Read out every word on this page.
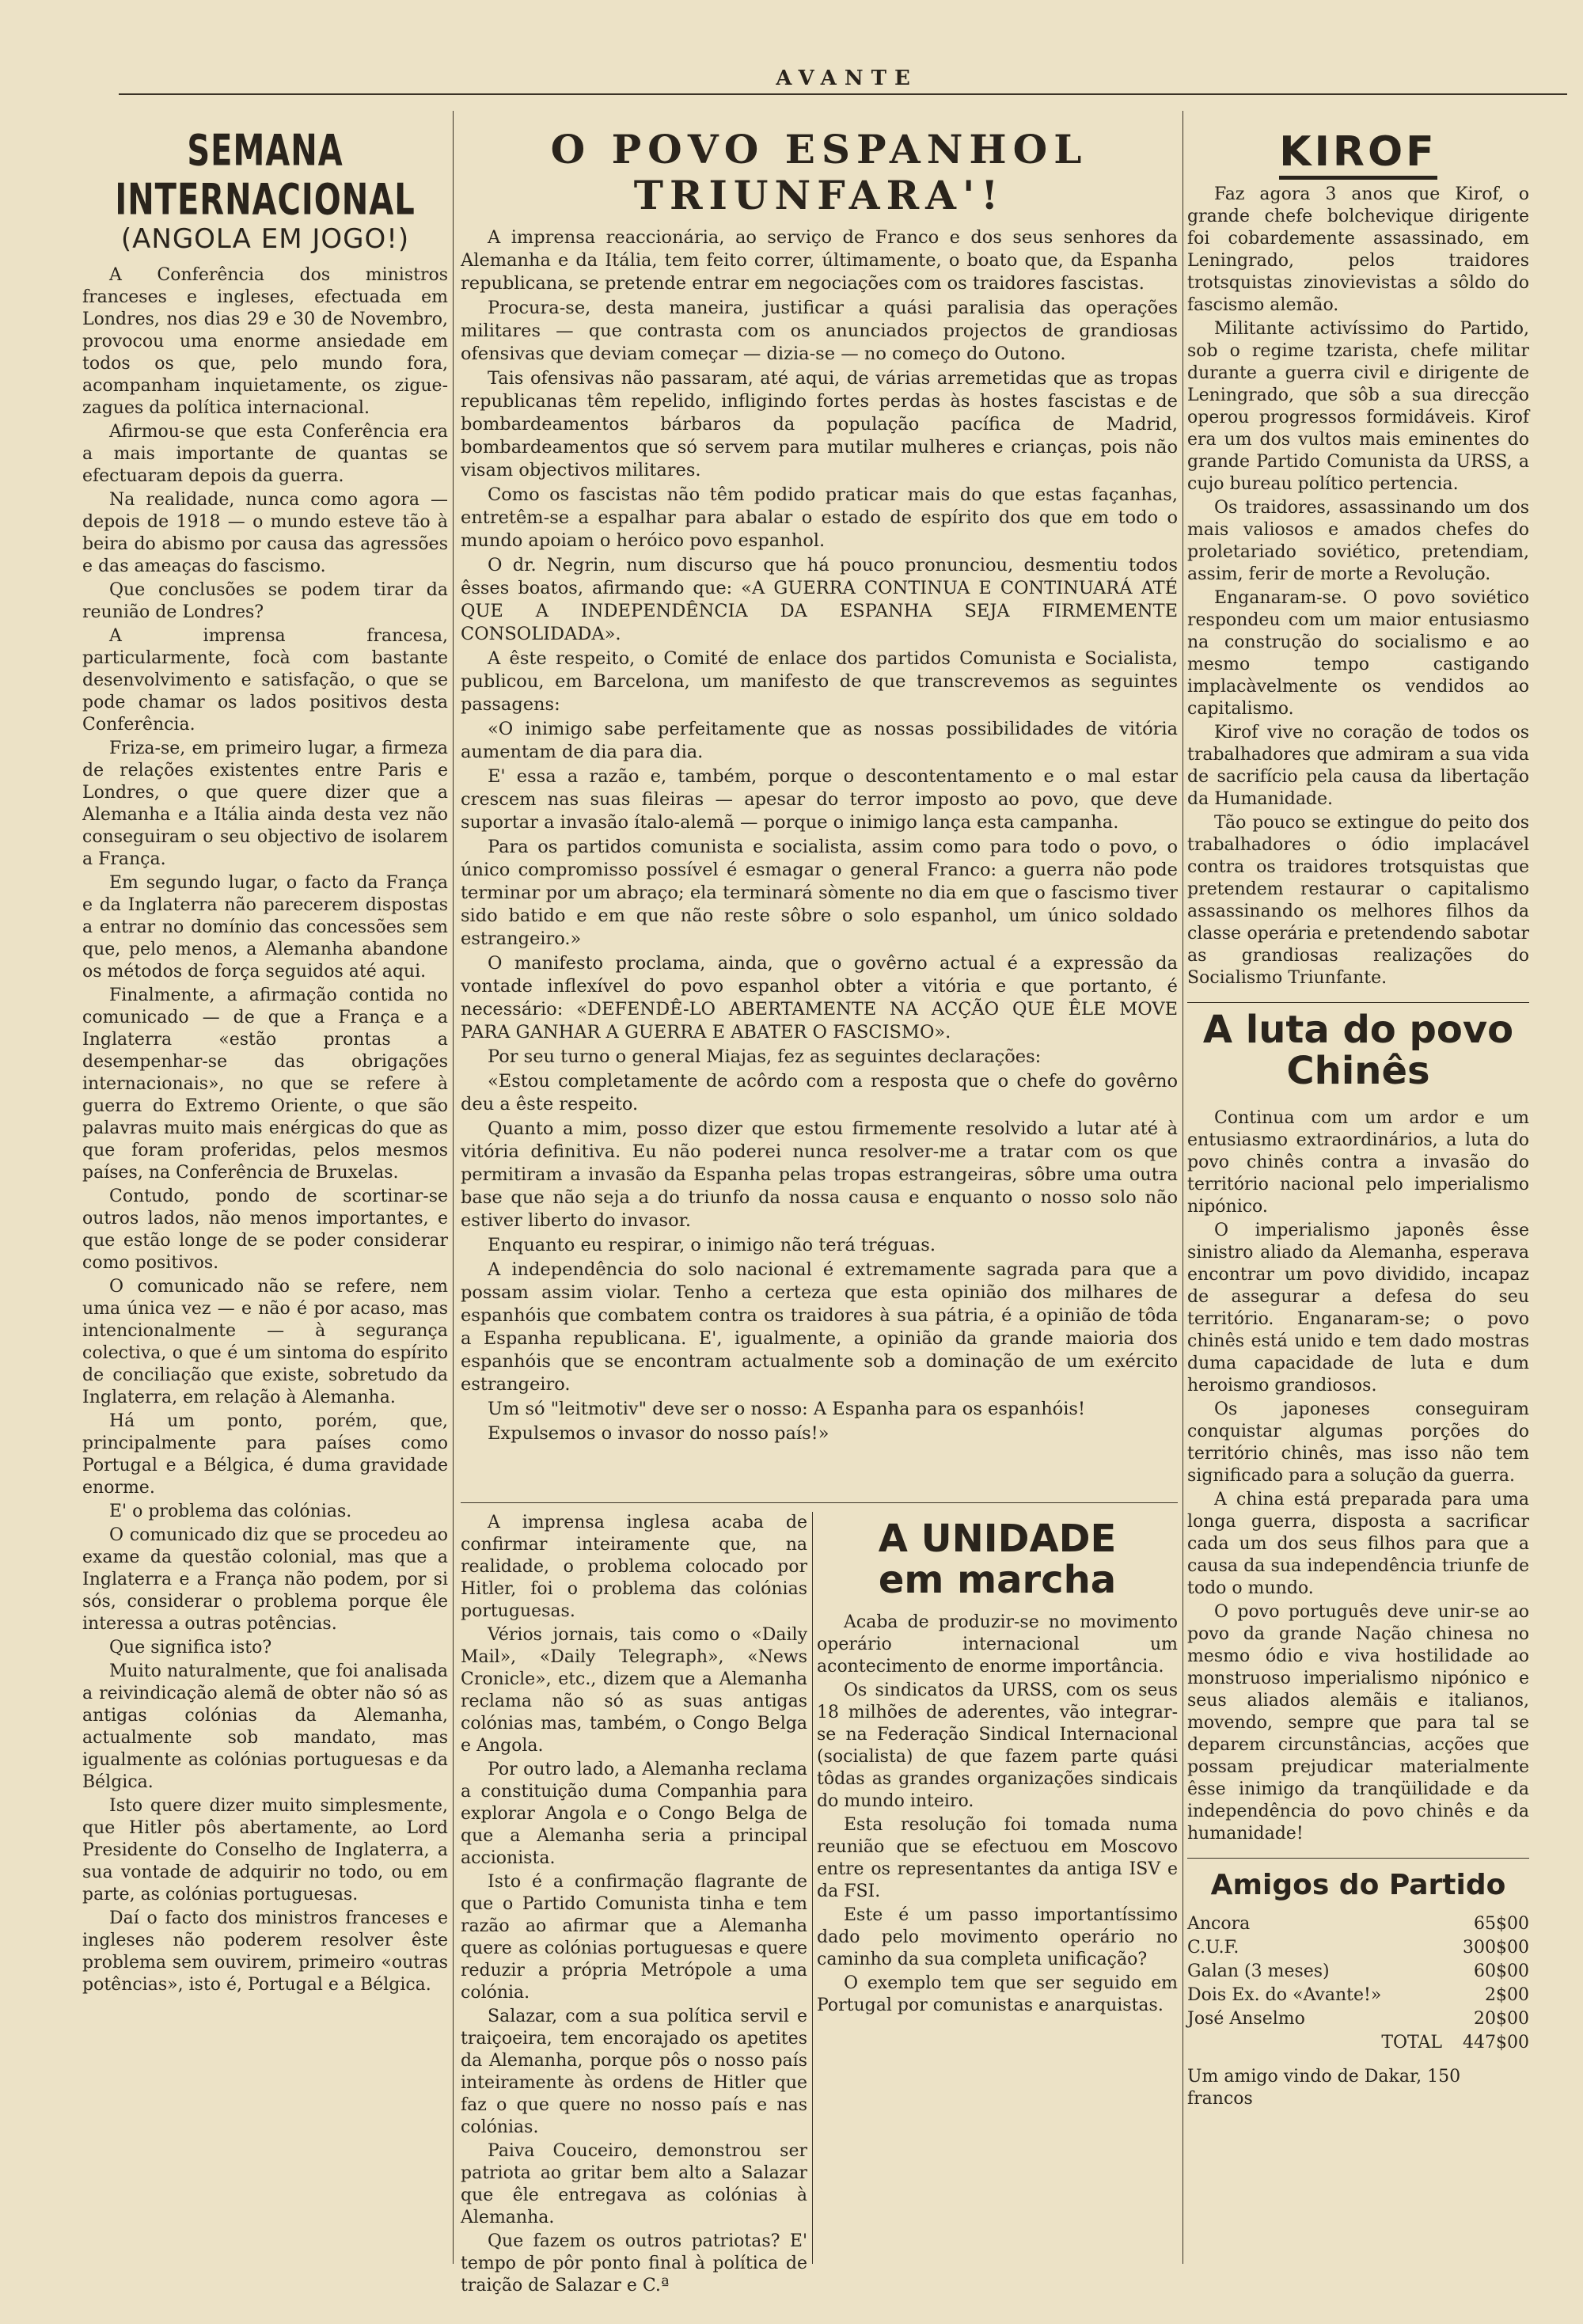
AVANTE
SEMANA INTERNACIONAL
(ANGOLA EM JOGO!)

A Conferência dos ministros franceses e ingleses, efectuada em Londres, nos dias 29 e 30 de Novembro, provocou uma enorme ansiedade em todos os que, pelo mundo fora, acompanham inquietamente, os zigue-zagues da política internacional.

Afirmou-se que esta Conferência era a mais importante de quantas se efectuaram depois da guerra.

Na realidade, nunca como agora — depois de 1918 — o mundo esteve tão à beira do abismo por causa das agressões e das ameaças do fascismo.

Que conclusões se podem tirar da reunião de Londres?

A imprensa francesa, particularmente, focà com bastante desenvolvimento e satisfação, o que se pode chamar os lados positivos desta Conferência.

Friza-se, em primeiro lugar, a firmeza de relações existentes entre Paris e Londres, o que quere dizer que a Alemanha e a Itália ainda desta vez não conseguiram o seu objectivo de isolarem a França.

Em segundo lugar, o facto da França e da Inglaterra não parecerem dispostas a entrar no domínio das concessões sem que, pelo menos, a Alemanha abandone os métodos de força seguidos até aqui.

Finalmente, a afirmação contida no comunicado — de que a França e a Inglaterra «estão prontas a desempenhar-se das obrigações internacionais», no que se refere à guerra do Extremo Oriente, o que são palavras muito mais enérgicas do que as que foram proferidas, pelos mesmos países, na Conferência de Bruxelas.

Contudo, pondo de scortinar-se outros lados, não menos importantes, e que estão longe de se poder considerar como positivos.

O comunicado não se refere, nem uma única vez — e não é por acaso, mas intencionalmente — à segurança colectiva, o que é um sintoma do espírito de conciliação que existe, sobretudo da Inglaterra, em relação à Alemanha.

Há um ponto, porém, que, principalmente para países como Portugal e a Bélgica, é duma gravidade enorme.

E' o problema das colónias.

O comunicado diz que se procedeu ao exame da questão colonial, mas que a Inglaterra e a França não podem, por si sós, considerar o problema porque êle interessa a outras potências.

Que significa isto?

Muito naturalmente, que foi analisada a reivindicação alemã de obter não só as antigas colónias da Alemanha, actualmente sob mandato, mas igualmente as colónias portuguesas e da Bélgica.

Isto quere dizer muito simplesmente, que Hitler pôs abertamente, ao Lord Presidente do Conselho de Inglaterra, a sua vontade de adquirir no todo, ou em parte, as colónias portuguesas.

Daí o facto dos ministros franceses e ingleses não poderem resolver êste problema sem ouvirem, primeiro «outras potências», isto é, Portugal e a Bélgica.

O POVO ESPANHOL
TRIUNFARA'!

A imprensa reaccionária, ao serviço de Franco e dos seus senhores da Alemanha e da Itália, tem feito correr, últimamente, o boato que, da Espanha republicana, se pretende entrar em negociações com os traidores fascistas.

Procura-se, desta maneira, justificar a quási paralisia das operações militares — que contrasta com os anunciados projectos de grandiosas ofensivas que deviam começar — dizia-se — no começo do Outono.

Tais ofensivas não passaram, até aqui, de várias arremetidas que as tropas republicanas têm repelido, infligindo fortes perdas às hostes fascistas e de bombardeamentos bárbaros da população pacífica de Madrid, bombardeamentos que só servem para mutilar mulheres e crianças, pois não visam objectivos militares.

Como os fascistas não têm podido praticar mais do que estas façanhas, entretêm-se a espalhar para abalar o estado de espírito dos que em todo o mundo apoiam o heróico povo espanhol.

O dr. Negrin, num discurso que há pouco pronunciou, desmentiu todos êsses boatos, afirmando que: «A GUERRA CONTINUA E CONTINUARÁ ATÉ QUE A INDEPENDÊNCIA DA ESPANHA SEJA FIRMEMENTE CONSOLIDADA».

A êste respeito, o Comité de enlace dos partidos Comunista e Socialista, publicou, em Barcelona, um manifesto de que transcrevemos as seguintes passagens:

«O inimigo sabe perfeitamente que as nossas possibilidades de vitória aumentam de dia para dia.

E' essa a razão e, também, porque o descontentamento e o mal estar crescem nas suas fileiras — apesar do terror imposto ao povo, que deve suportar a invasão ítalo-alemã — porque o inimigo lança esta campanha.

Para os partidos comunista e socialista, assim como para todo o povo, o único compromisso possível é esmagar o general Franco: a guerra não pode terminar por um abraço; ela terminará sòmente no dia em que o fascismo tiver sido batido e em que não reste sôbre o solo espanhol, um único soldado estrangeiro.»

O manifesto proclama, ainda, que o govêrno actual é a expressão da vontade inflexível do povo espanhol obter a vitória e que portanto, é necessário: «DEFENDÊ-LO ABERTAMENTE NA ACÇÃO QUE ÊLE MOVE PARA GANHAR A GUERRA E ABATER O FASCISMO».

Por seu turno o general Miajas, fez as seguintes declarações:

«Estou completamente de acôrdo com a resposta que o chefe do govêrno deu a êste respeito.

Quanto a mim, posso dizer que estou firmemente resolvido a lutar até à vitória definitiva. Eu não poderei nunca resolver-me a tratar com os que permitiram a invasão da Espanha pelas tropas estrangeiras, sôbre uma outra base que não seja a do triunfo da nossa causa e enquanto o nosso solo não estiver liberto do invasor.

Enquanto eu respirar, o inimigo não terá tréguas.

A independência do solo nacional é extremamente sagrada para que a possam assim violar. Tenho a certeza que esta opinião dos milhares de espanhóis que combatem contra os traidores à sua pátria, é a opinião de tôda a Espanha republicana. E', igualmente, a opinião da grande maioria dos espanhóis que se encontram actualmente sob a dominação de um exército estrangeiro.

Um só "leitmotiv" deve ser o nosso: A Espanha para os espanhóis!

Expulsemos o invasor do nosso país!»

A imprensa inglesa acaba de confirmar inteiramente que, na realidade, o problema colocado por Hitler, foi o problema das colónias portuguesas.

Vérios jornais, tais como o «Daily Mail», «Daily Telegraph», «News Cronicle», etc., dizem que a Alemanha reclama não só as suas antigas colónias mas, também, o Congo Belga e Angola.

Por outro lado, a Alemanha reclama a constituição duma Companhia para explorar Angola e o Congo Belga de que a Alemanha seria a principal accionista.

Isto é a confirmação flagrante de que o Partido Comunista tinha e tem razão ao afirmar que a Alemanha quere as colónias portuguesas e quere reduzir a própria Metrópole a uma colónia.

Salazar, com a sua política servil e traiçoeira, tem encorajado os apetites da Alemanha, porque pôs o nosso país inteiramente às ordens de Hitler que faz o que quere no nosso país e nas colónias.

Paiva Couceiro, demonstrou ser patriota ao gritar bem alto a Salazar que êle entregava as colónias à Alemanha.

Que fazem os outros patriotas? E' tempo de pôr ponto final à política de traição de Salazar e C.ª

A UNIDADE
em marcha

Acaba de produzir-se no movimento operário internacional um acontecimento de enorme importância.

Os sindicatos da URSS, com os seus 18 milhões de aderentes, vão integrar-se na Federação Sindical Internacional (socialista) de que fazem parte quási tôdas as grandes organizações sindicais do mundo inteiro.

Esta resolução foi tomada numa reunião que se efectuou em Moscovo entre os representantes da antiga ISV e da FSI.

Este é um passo importantíssimo dado pelo movimento operário no caminho da sua completa unificação?

O exemplo tem que ser seguido em Portugal por comunistas e anarquistas.

KIROF

Faz agora 3 anos que Kirof, o grande chefe bolchevique dirigente foi cobardemente assassinado, em Leningrado, pelos traidores trotsquistas zinovievistas a sôldo do fascismo alemão.

Militante activíssimo do Partido, sob o regime tzarista, chefe militar durante a guerra civil e dirigente de Leningrado, que sôb a sua direcção operou progressos formidáveis. Kirof era um dos vultos mais eminentes do grande Partido Comunista da URSS, a cujo bureau político pertencia.

Os traidores, assassinando um dos mais valiosos e amados chefes do proletariado soviético, pretendiam, assim, ferir de morte a Revolução.

Enganaram-se. O povo soviético respondeu com um maior entusiasmo na construção do socialismo e ao mesmo tempo castigando implacàvelmente os vendidos ao capitalismo.

Kirof vive no coração de todos os trabalhadores que admiram a sua vida de sacrifício pela causa da libertação da Humanidade.

Tão pouco se extingue do peito dos trabalhadores o ódio implacável contra os traidores trotsquistas que pretendem restaurar o capitalismo assassinando os melhores filhos da classe operária e pretendendo sabotar as grandiosas realizações do Socialismo Triunfante.

A luta do povo
Chinês

Continua com um ardor e um entusiasmo extraordinários, a luta do povo chinês contra a invasão do território nacional pelo imperialismo nipónico.

O imperialismo japonês êsse sinistro aliado da Alemanha, esperava encontrar um povo dividido, incapaz de assegurar a defesa do seu território. Enganaram-se; o povo chinês está unido e tem dado mostras duma capacidade de luta e dum heroismo grandiosos.

Os japoneses conseguiram conquistar algumas porções do território chinês, mas isso não tem significado para a solução da guerra.

A china está preparada para uma longa guerra, disposta a sacrificar cada um dos seus filhos para que a causa da sua independência triunfe de todo o mundo.

O povo português deve unir-se ao povo da grande Nação chinesa no mesmo ódio e viva hostilidade ao monstruoso imperialismo nipónico e seus aliados alemãis e italianos, movendo, sempre que para tal se deparem circunstâncias, acções que possam prejudicar materialmente êsse inimigo da tranqüilidade e da independência do povo chinês e da humanidade!

Amigos do Partido
Ancora	65$00
C.U.F.	300$00
Galan (3 meses)	60$00
Dois Ex. do «Avante!»	2$00
José Anselmo	20$00
TOTAL 447$00
Um amigo vindo de Dakar, 150 francos
